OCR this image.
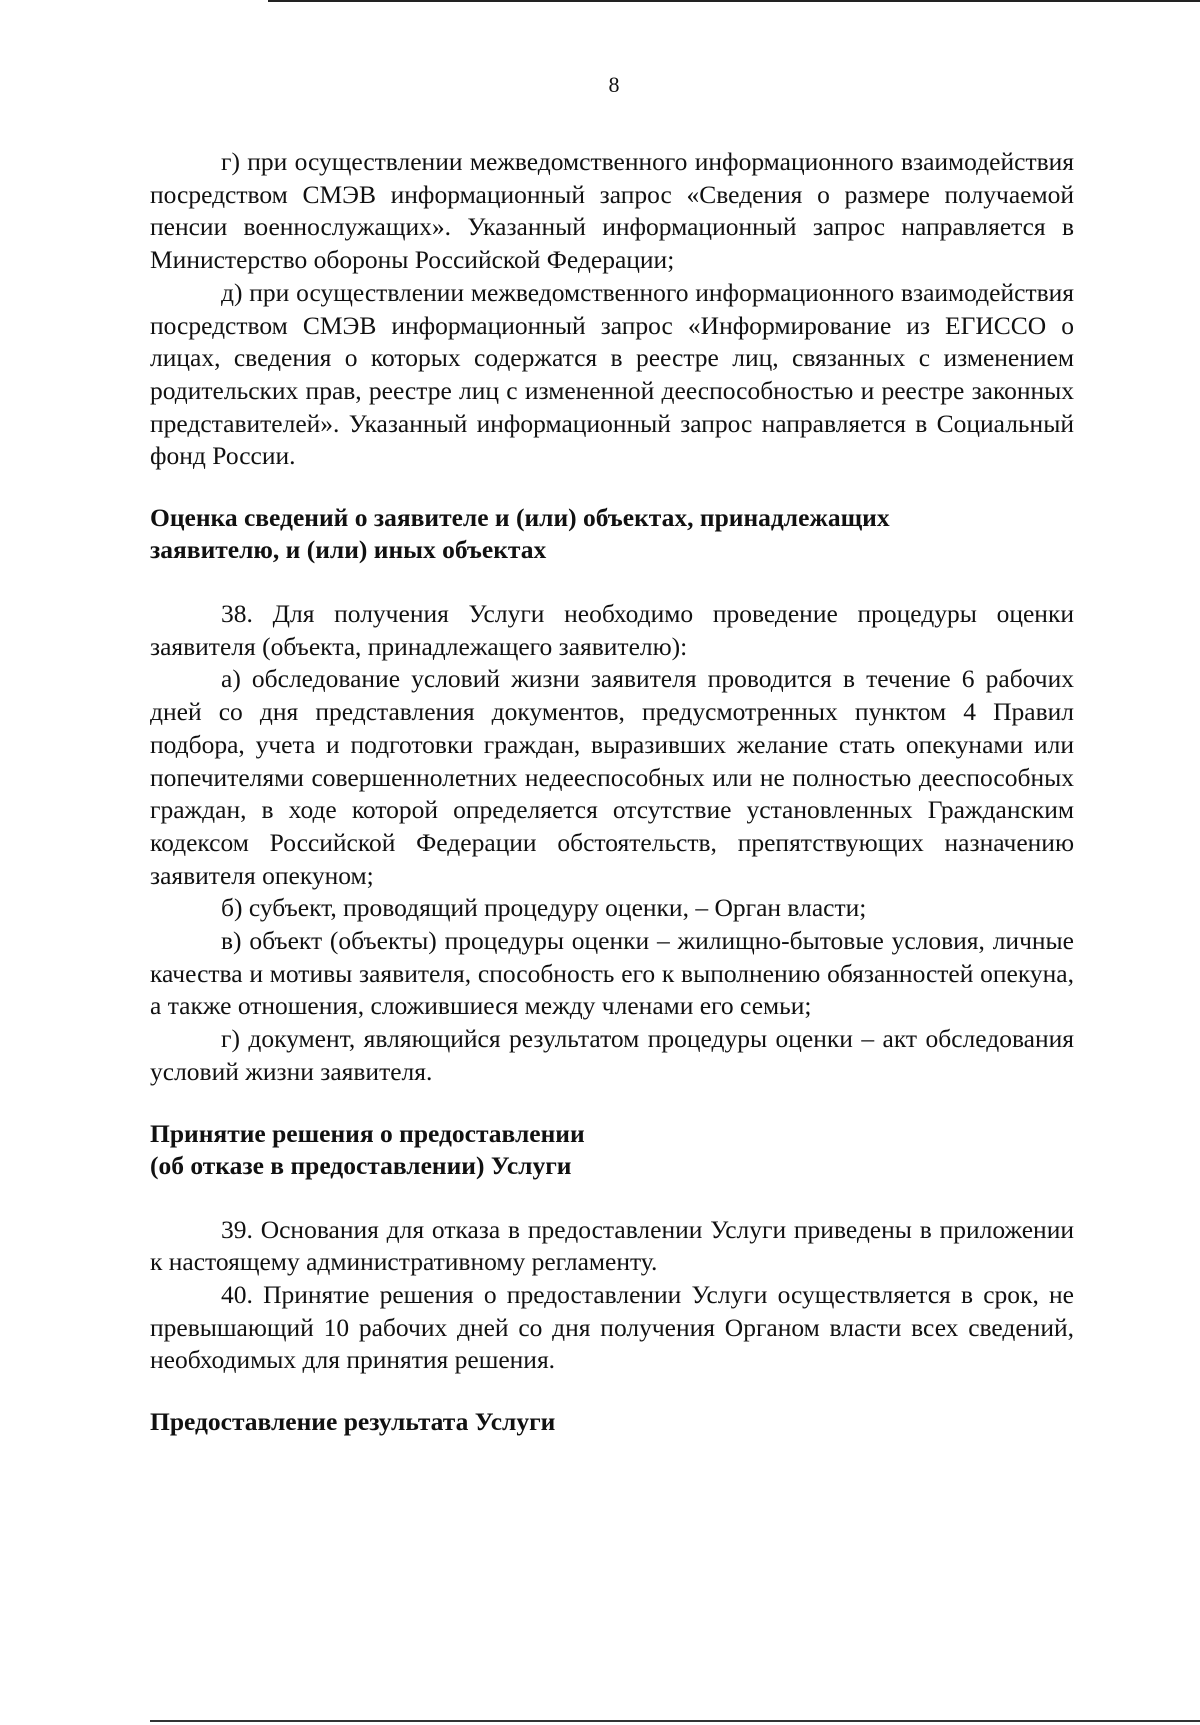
8

г) при осуществлении межведомственного информационного взаимодействия посредством СМЭВ информационный запрос «Сведения о размере получаемой пенсии военнослужащих». Указанный информационный запрос направляется в Министерство обороны Российской Федерации;

д) при осуществлении межведомственного информационного взаимодействия посредством СМЭВ информационный запрос «Информирование из ЕГИССО о лицах, сведения о которых содержатся в реестре лиц, связанных с изменением родительских прав, реестре лиц с измененной дееспособностью и реестре законных представителей». Указанный информационный запрос направляется в Социальный фонд России.

Оценка сведений о заявителе и (или) объектах, принадлежащих
заявителю, и (или) иных объектах

38. Для получения Услуги необходимо проведение процедуры оценки заявителя (объекта, принадлежащего заявителю):

а) обследование условий жизни заявителя проводится в течение 6 рабочих дней со дня представления документов, предусмотренных пунктом 4 Правил подбора, учета и подготовки граждан, выразивших желание стать опекунами или попечителями совершеннолетних недееспособных или не полностью дееспособных граждан, в ходе которой определяется отсутствие установленных Гражданским кодексом Российской Федерации обстоятельств, препятствующих назначению заявителя опекуном;

б) субъект, проводящий процедуру оценки, – Орган власти;

в) объект (объекты) процедуры оценки – жилищно-бытовые условия, личные качества и мотивы заявителя, способность его к выполнению обязанностей опекуна, а также отношения, сложившиеся между членами его семьи;

г) документ, являющийся результатом процедуры оценки – акт обследования условий жизни заявителя.

Принятие решения о предоставлении
(об отказе в предоставлении) Услуги

39. Основания для отказа в предоставлении Услуги приведены в приложении к настоящему административному регламенту.

40. Принятие решения о предоставлении Услуги осуществляется в срок, не превышающий 10 рабочих дней со дня получения Органом власти всех сведений, необходимых для принятия решения.

Предоставление результата Услуги
